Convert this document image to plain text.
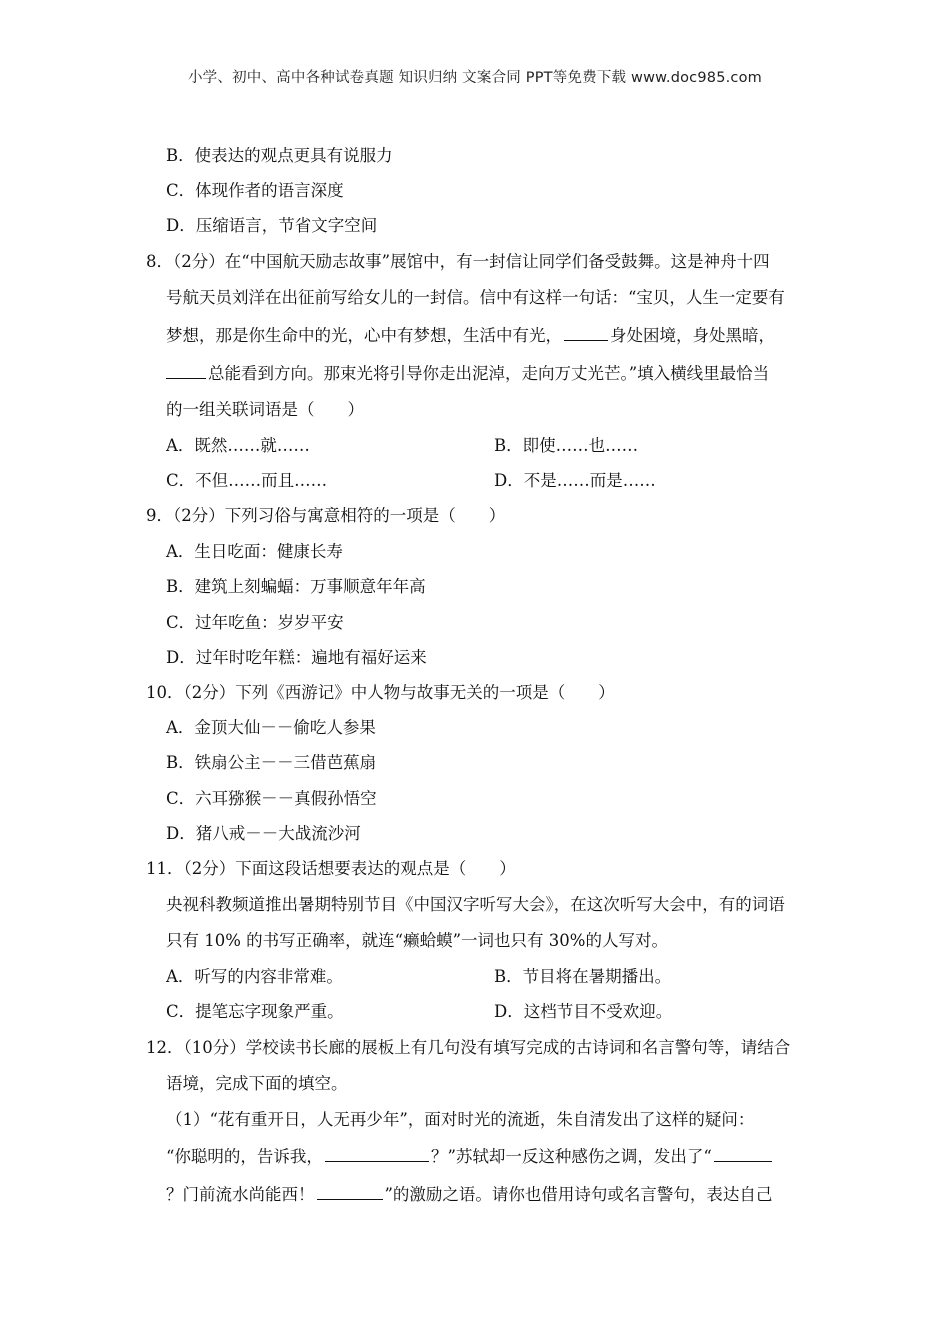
小学、初中、高中各种试卷真题 知识归纳 文案合同 PPT等免费下载 www.doc985.com
B．使表达的观点更具有说服力
C．体现作者的语言深度
D．压缩语言，节省文字空间
8．（2分）在“中国航天励志故事”展馆中，有一封信让同学们备受鼓舞。这是神舟十四
号航天员刘洋在出征前写给女儿的一封信。信中有这样一句话：“宝贝，人生一定要有
梦想，那是你生命中的光，心中有梦想，生活中有光，	身处困境，身处黑暗，
总能看到方向。那束光将引导你走出泥淖，走向万丈光芒。”填入横线里最恰当
的一组关联词语是（　　）
A．既然……就……	B．即使……也……
C．不但……而且……	D．不是……而是……
9．（2分）下列习俗与寓意相符的一项是（　　）
A．生日吃面：健康长寿
B．建筑上刻蝙蝠：万事顺意年年高
C．过年吃鱼：岁岁平安
D．过年时吃年糕：遍地有福好运来
10．（2分）下列《西游记》中人物与故事无关的一项是（　　）
A．金顶大仙－－偷吃人参果
B．铁扇公主－－三借芭蕉扇
C．六耳猕猴－－真假孙悟空
D．猪八戒－－大战流沙河
11．（2分）下面这段话想要表达的观点是（　　）
央视科教频道推出暑期特别节目《中国汉字听写大会》，在这次听写大会中，有的词语
只有 10% 的书写正确率，就连“癞蛤蟆”一词也只有 30%的人写对。
A．听写的内容非常难。	B．节目将在暑期播出。
C．提笔忘字现象严重。	D．这档节目不受欢迎。
12．（10分）学校读书长廊的展板上有几句没有填写完成的古诗词和名言警句等，请结合
语境，完成下面的填空。
（1）“花有重开日，人无再少年”，面对时光的流逝，朱自清发出了这样的疑问：
“你聪明的，告诉我，	？”苏轼却一反这种感伤之调，发出了“
？门前流水尚能西！	”的激励之语。请你也借用诗句或名言警句，表达自己
